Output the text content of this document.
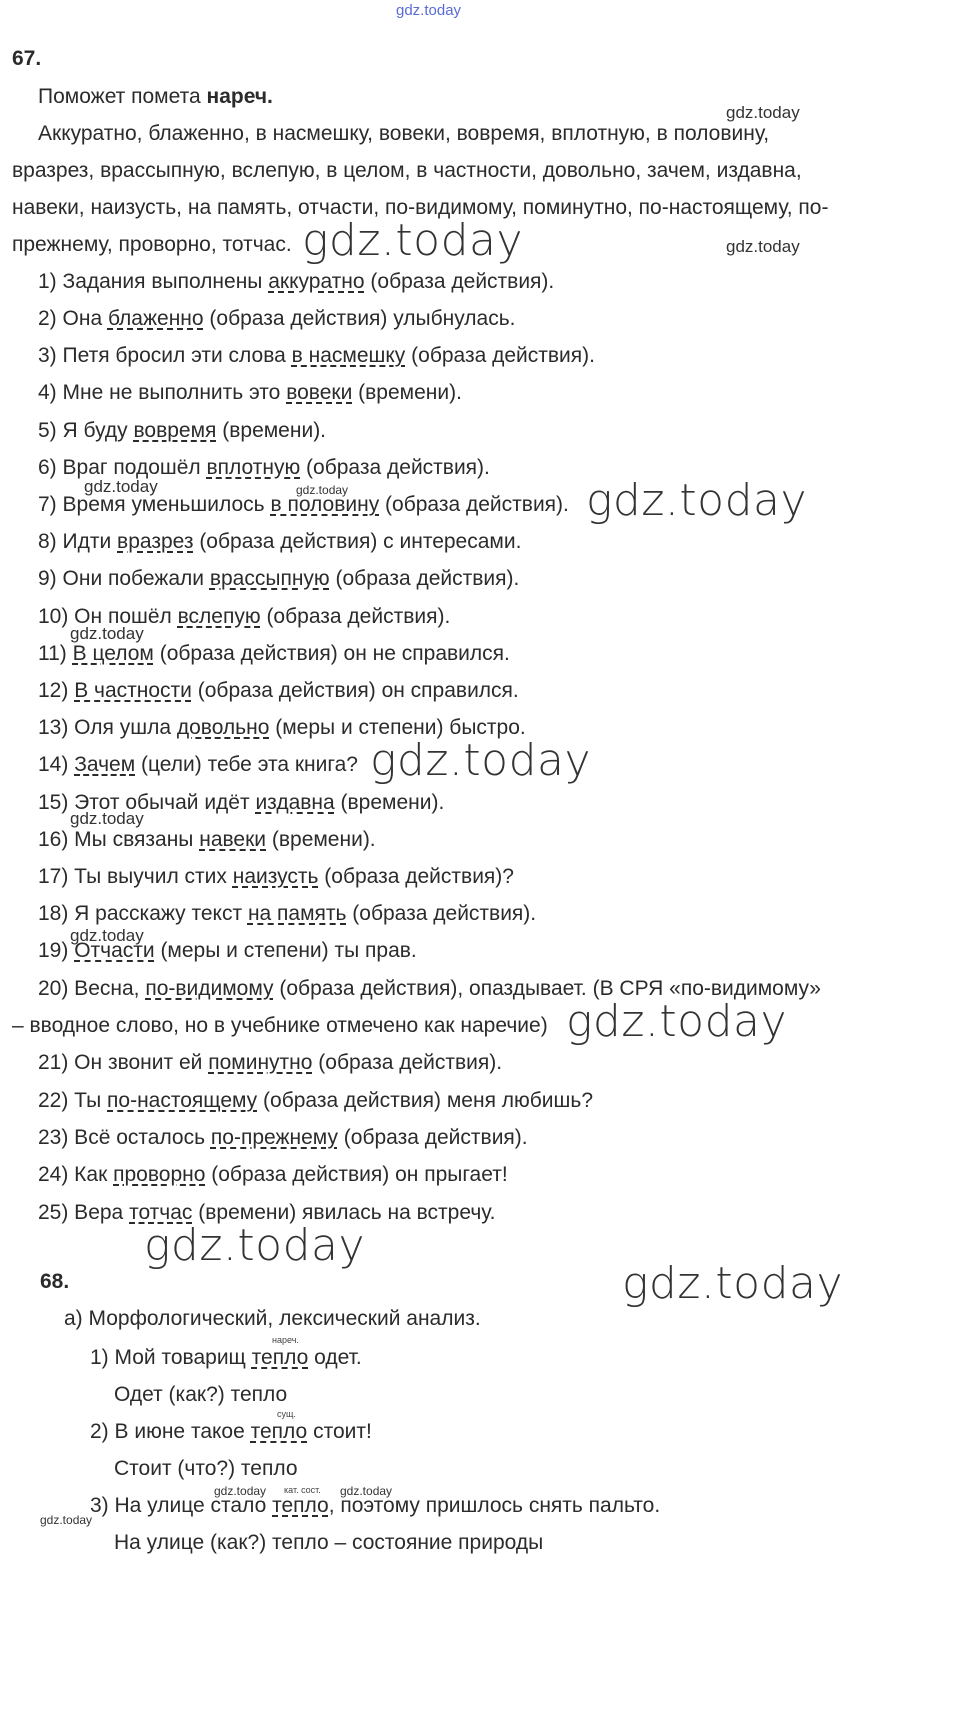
gdz.today
67.
Поможет помета нареч.
Аккуратно, блаженно, в насмешку, вовеки, вовремя, вплотную, в половину,
вразрез, врассыпную, вслепую, в целом, в частности, довольно, зачем, издавна,
навеки, наизусть, на память, отчасти, по-видимому, поминутно, по-настоящему, по-
прежнему, проворно, тотчас.
1) Задания выполнены аккуратно (образа действия).
2) Она блаженно (образа действия) улыбнулась.
3) Петя бросил эти слова в насмешку (образа действия).
4) Мне не выполнить это вовеки (времени).
5) Я буду вовремя (времени).
6) Враг подошёл вплотную (образа действия).
7) Время уменьшилось в половину (образа действия).
8) Идти вразрез (образа действия) с интересами.
9) Они побежали врассыпную (образа действия).
10) Он пошёл вслепую (образа действия).
11) В целом (образа действия) он не справился.
12) В частности (образа действия) он справился.
13) Оля ушла довольно (меры и степени) быстро.
14) Зачем (цели) тебе эта книга?
15) Этот обычай идёт издавна (времени).
16) Мы связаны навеки (времени).
17) Ты выучил стих наизусть (образа действия)?
18) Я расскажу текст на память (образа действия).
19) Отчасти (меры и степени) ты прав.
20) Весна, по-видимому (образа действия), опаздывает. (В СРЯ «по-видимому»
21) Он звонит ей поминутно (образа действия).
22) Ты по-настоящему (образа действия) меня любишь?
23) Всё осталось по-прежнему (образа действия).
24) Как проворно (образа действия) он прыгает!
25) Вера тотчас (времени) явилась на встречу.
– вводное слово, но в учебнике отмечено как наречие)
68.
а) Морфологический, лексический анализ.
нареч.
1) Мой товарищ тепло одет.
Одет (как?) тепло
сущ.
2) В июне такое тепло стоит!
Стоит (что?) тепло
кат. сост.
3) На улице стало тепло, поэтому пришлось снять пальто.
На улице (как?) тепло – состояние природы
gdz.today
gdz.today	gdz.today
gdz.today	gdz.today	gdz.today
gdz.today
gdz.today
gdz.today
gdz.today
gdz.today
gdz.today
gdz.today
gdz.today	gdz.today
gdz.today
